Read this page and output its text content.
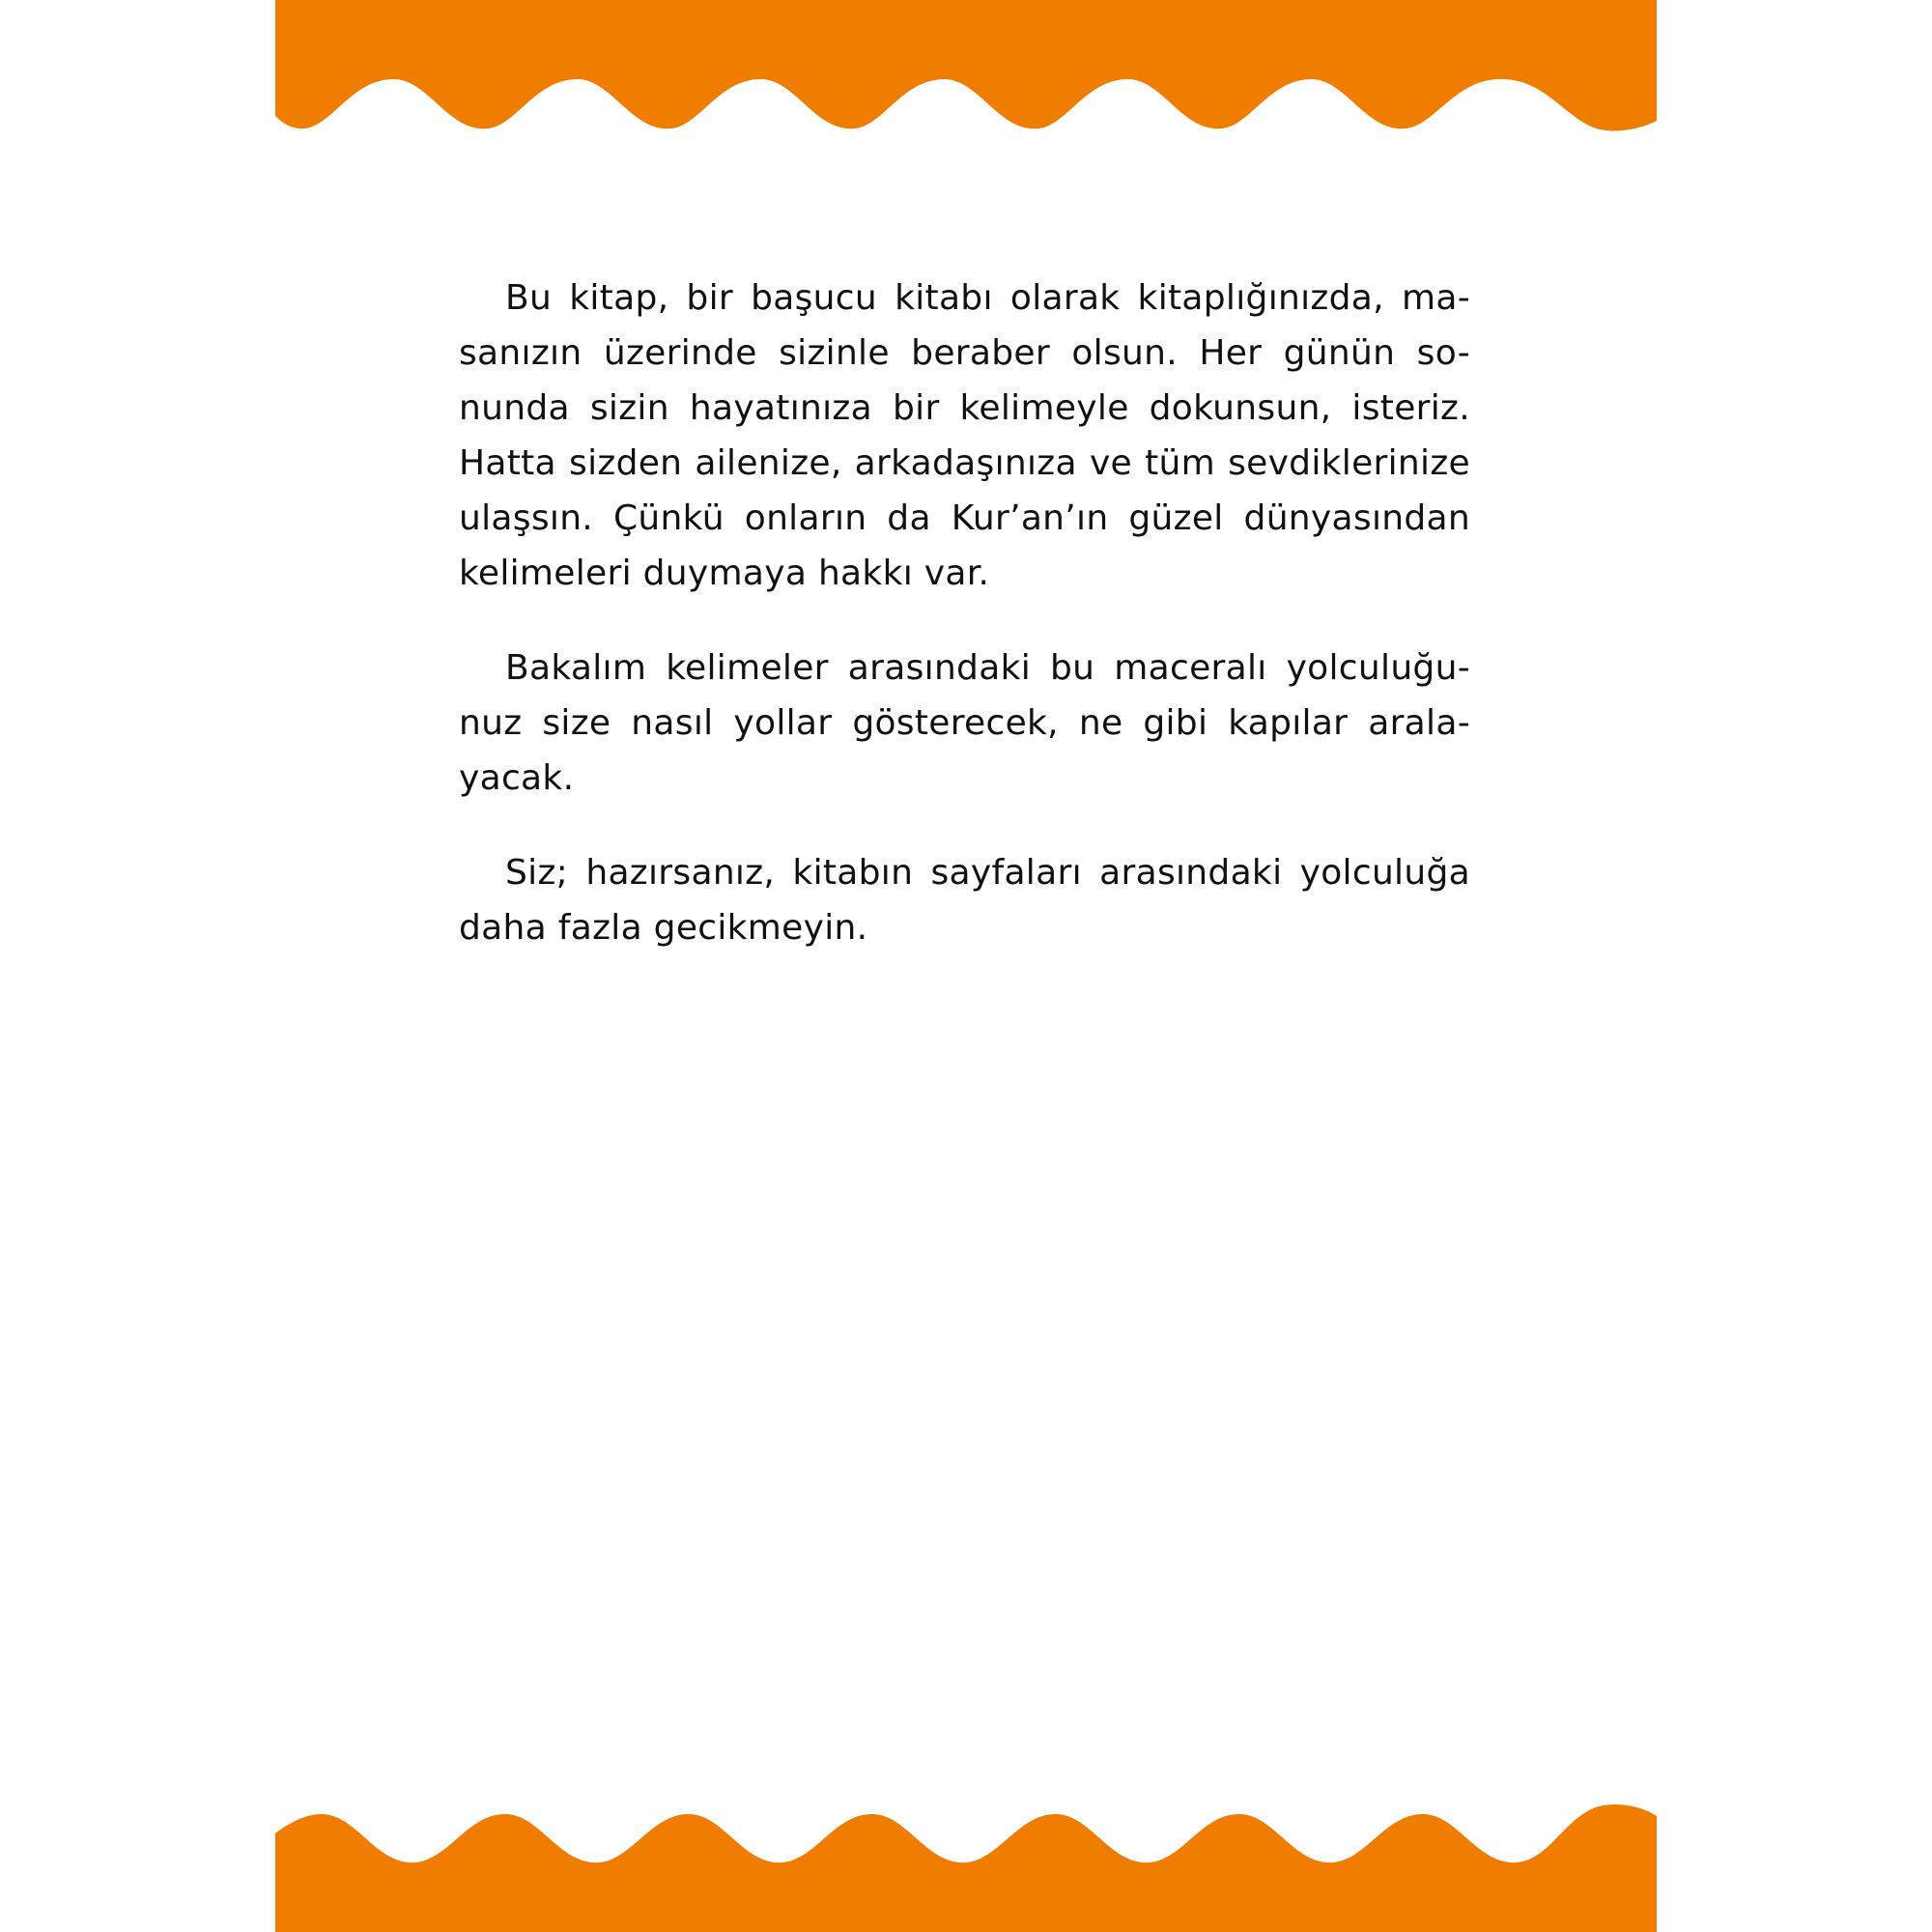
Bu kitap, bir başucu kitabı olarak kitaplığınızda, ma-
sanızın üzerinde sizinle beraber olsun. Her günün so-
nunda sizin hayatınıza bir kelimeyle dokunsun, isteriz.
Hatta sizden ailenize, arkadaşınıza ve tüm sevdiklerinize
ulaşsın. Çünkü onların da Kur’an’ın güzel dünyasından
kelimeleri duymaya hakkı var.
Bakalım kelimeler arasındaki bu maceralı yolculuğu-
nuz size nasıl yollar gösterecek, ne gibi kapılar arala-
yacak.
Siz; hazırsanız, kitabın sayfaları arasındaki yolculuğa
daha fazla gecikmeyin.
